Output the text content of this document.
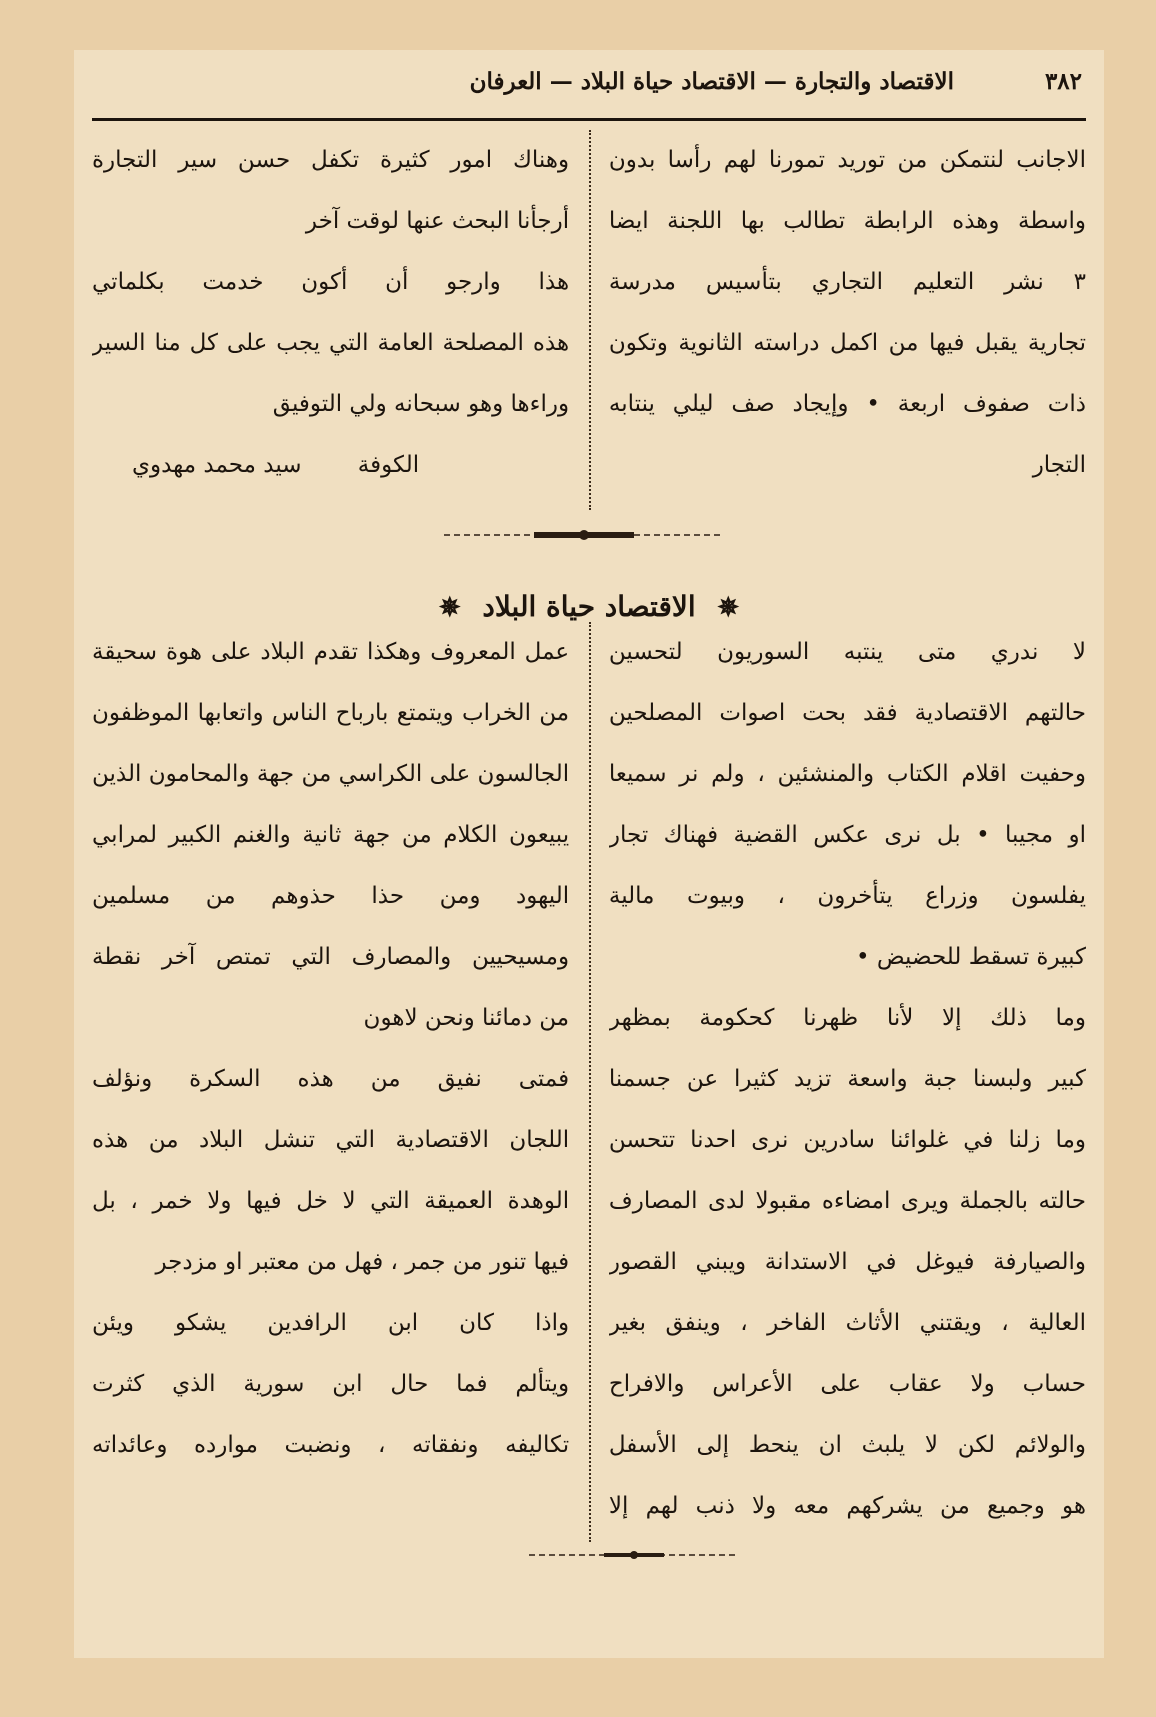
٣٨٢
الاقتصاد والتجارة — الاقتصاد حياة البلاد — العرفان
الاجانب لنتمكن من توريد تمورنا لهم رأسا بدون
واسطة وهذه الرابطة تطالب بها اللجنة ايضا
٣ نشر التعليم التجاري بتأسيس مدرسة
تجارية يقبل فيها من اكمل دراسته الثانوية وتكون
ذات صفوف اربعة • وإيجاد صف ليلي ينتابه
التجار
وهناك امور كثيرة تكفل حسن سير التجارة
أرجأنا البحث عنها لوقت آخر
هذا وارجو أن أكون خدمت بكلماتي
هذه المصلحة العامة التي يجب على كل منا السير
وراءها وهو سبحانه ولي التوفيق
الكوفة
سيد محمد مهدوي
✵ الاقتصاد حياة البلاد ✵
لا ندري متى ينتبه السوريون لتحسين
حالتهم الاقتصادية فقد بحت اصوات المصلحين
وحفيت اقلام الكتاب والمنشئين ، ولم نر سميعا
او مجيبا • بل نرى عكس القضية فهناك تجار
يفلسون وزراع يتأخرون ، وبيوت مالية
كبيرة تسقط للحضيض •
وما ذلك إلا لأنا ظهرنا كحكومة بمظهر
كبير ولبسنا جبة واسعة تزيد كثيرا عن جسمنا
وما زلنا في غلوائنا سادرين نرى احدنا تتحسن
حالته بالجملة ويرى امضاءه مقبولا لدى المصارف
والصيارفة فيوغل في الاستدانة ويبني القصور
العالية ، ويقتني الأثاث الفاخر ، وينفق بغير
حساب ولا عقاب على الأعراس والافراح
والولائم لكن لا يلبث ان ينحط إلى الأسفل
هو وجميع من يشركهم معه ولا ذنب لهم إلا
عمل المعروف وهكذا تقدم البلاد على هوة سحيقة
من الخراب ويتمتع بارباح الناس واتعابها الموظفون
الجالسون على الكراسي من جهة والمحامون الذين
يبيعون الكلام من جهة ثانية والغنم الكبير لمرابي
اليهود ومن حذا حذوهم من مسلمين
ومسيحيين والمصارف التي تمتص آخر نقطة
من دمائنا ونحن لاهون
فمتى نفيق من هذه السكرة ونؤلف
اللجان الاقتصادية التي تنشل البلاد من هذه
الوهدة العميقة التي لا خل فيها ولا خمر ، بل
فيها تنور من جمر ، فهل من معتبر او مزدجر
واذا كان ابن الرافدين يشكو ويئن
ويتألم فما حال ابن سورية الذي كثرت
تكاليفه ونفقاته ، ونضبت موارده وعائداته
